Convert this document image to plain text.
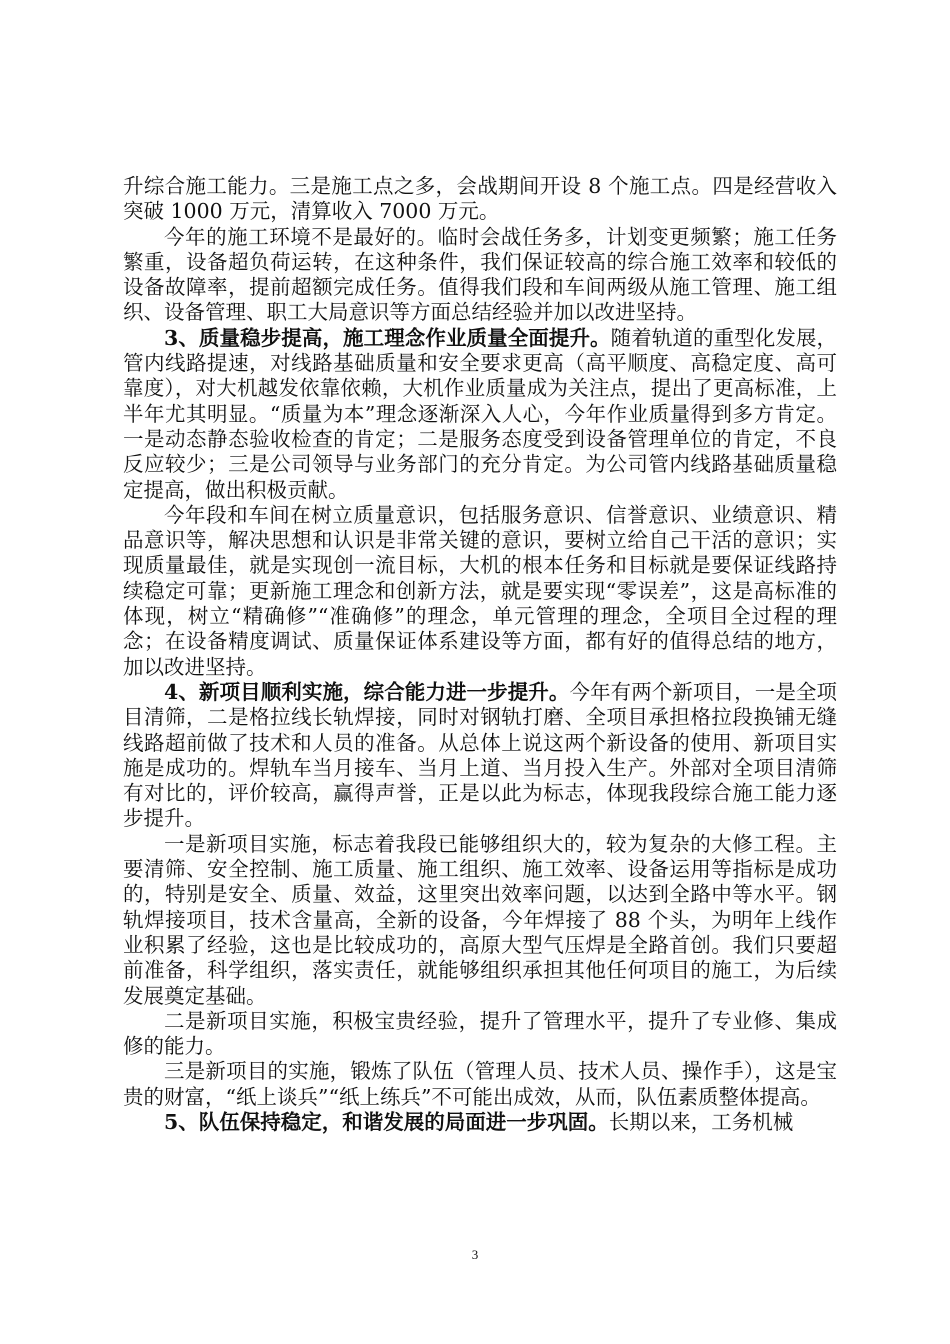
升综合施工能力。三是施工点之多，会战期间开设 8 个施工点。四是经营收入突破 1000 万元，清算收入 7000 万元。

今年的施工环境不是最好的。临时会战任务多，计划变更频繁；施工任务繁重，设备超负荷运转，在这种条件，我们保证较高的综合施工效率和较低的设备故障率，提前超额完成任务。值得我们段和车间两级从施工管理、施工组织、设备管理、职工大局意识等方面总结经验并加以改进坚持。

3、质量稳步提高，施工理念作业质量全面提升。随着轨道的重型化发展，管内线路提速，对线路基础质量和安全要求更高（高平顺度、高稳定度、高可靠度），对大机越发依靠依赖，大机作业质量成为关注点，提出了更高标准，上半年尤其明显。“质量为本”理念逐渐深入人心，今年作业质量得到多方肯定。一是动态静态验收检查的肯定；二是服务态度受到设备管理单位的肯定，不良反应较少；三是公司领导与业务部门的充分肯定。为公司管内线路基础质量稳定提高，做出积极贡献。

今年段和车间在树立质量意识，包括服务意识、信誉意识、业绩意识、精品意识等，解决思想和认识是非常关键的意识，要树立给自己干活的意识；实现质量最佳，就是实现创一流目标，大机的根本任务和目标就是要保证线路持续稳定可靠；更新施工理念和创新方法，就是要实现“零误差”，这是高标准的体现，树立“精确修”“准确修”的理念，单元管理的理念，全项目全过程的理念；在设备精度调试、质量保证体系建设等方面，都有好的值得总结的地方，加以改进坚持。

4、新项目顺利实施，综合能力进一步提升。今年有两个新项目，一是全项目清筛，二是格拉线长轨焊接，同时对钢轨打磨、全项目承担格拉段换铺无缝线路超前做了技术和人员的准备。从总体上说这两个新设备的使用、新项目实施是成功的。焊轨车当月接车、当月上道、当月投入生产。外部对全项目清筛有对比的，评价较高，赢得声誉，正是以此为标志，体现我段综合施工能力逐步提升。

一是新项目实施，标志着我段已能够组织大的，较为复杂的大修工程。主要清筛、安全控制、施工质量、施工组织、施工效率、设备运用等指标是成功的，特别是安全、质量、效益，这里突出效率问题，以达到全路中等水平。钢轨焊接项目，技术含量高，全新的设备，今年焊接了 88 个头，为明年上线作业积累了经验，这也是比较成功的，高原大型气压焊是全路首创。我们只要超前准备，科学组织，落实责任，就能够组织承担其他任何项目的施工，为后续发展奠定基础。

二是新项目实施，积极宝贵经验，提升了管理水平，提升了专业修、集成修的能力。

三是新项目的实施，锻炼了队伍（管理人员、技术人员、操作手），这是宝贵的财富，“纸上谈兵”“纸上练兵”不可能出成效，从而，队伍素质整体提高。

5、队伍保持稳定，和谐发展的局面进一步巩固。长期以来，工务机械

3
